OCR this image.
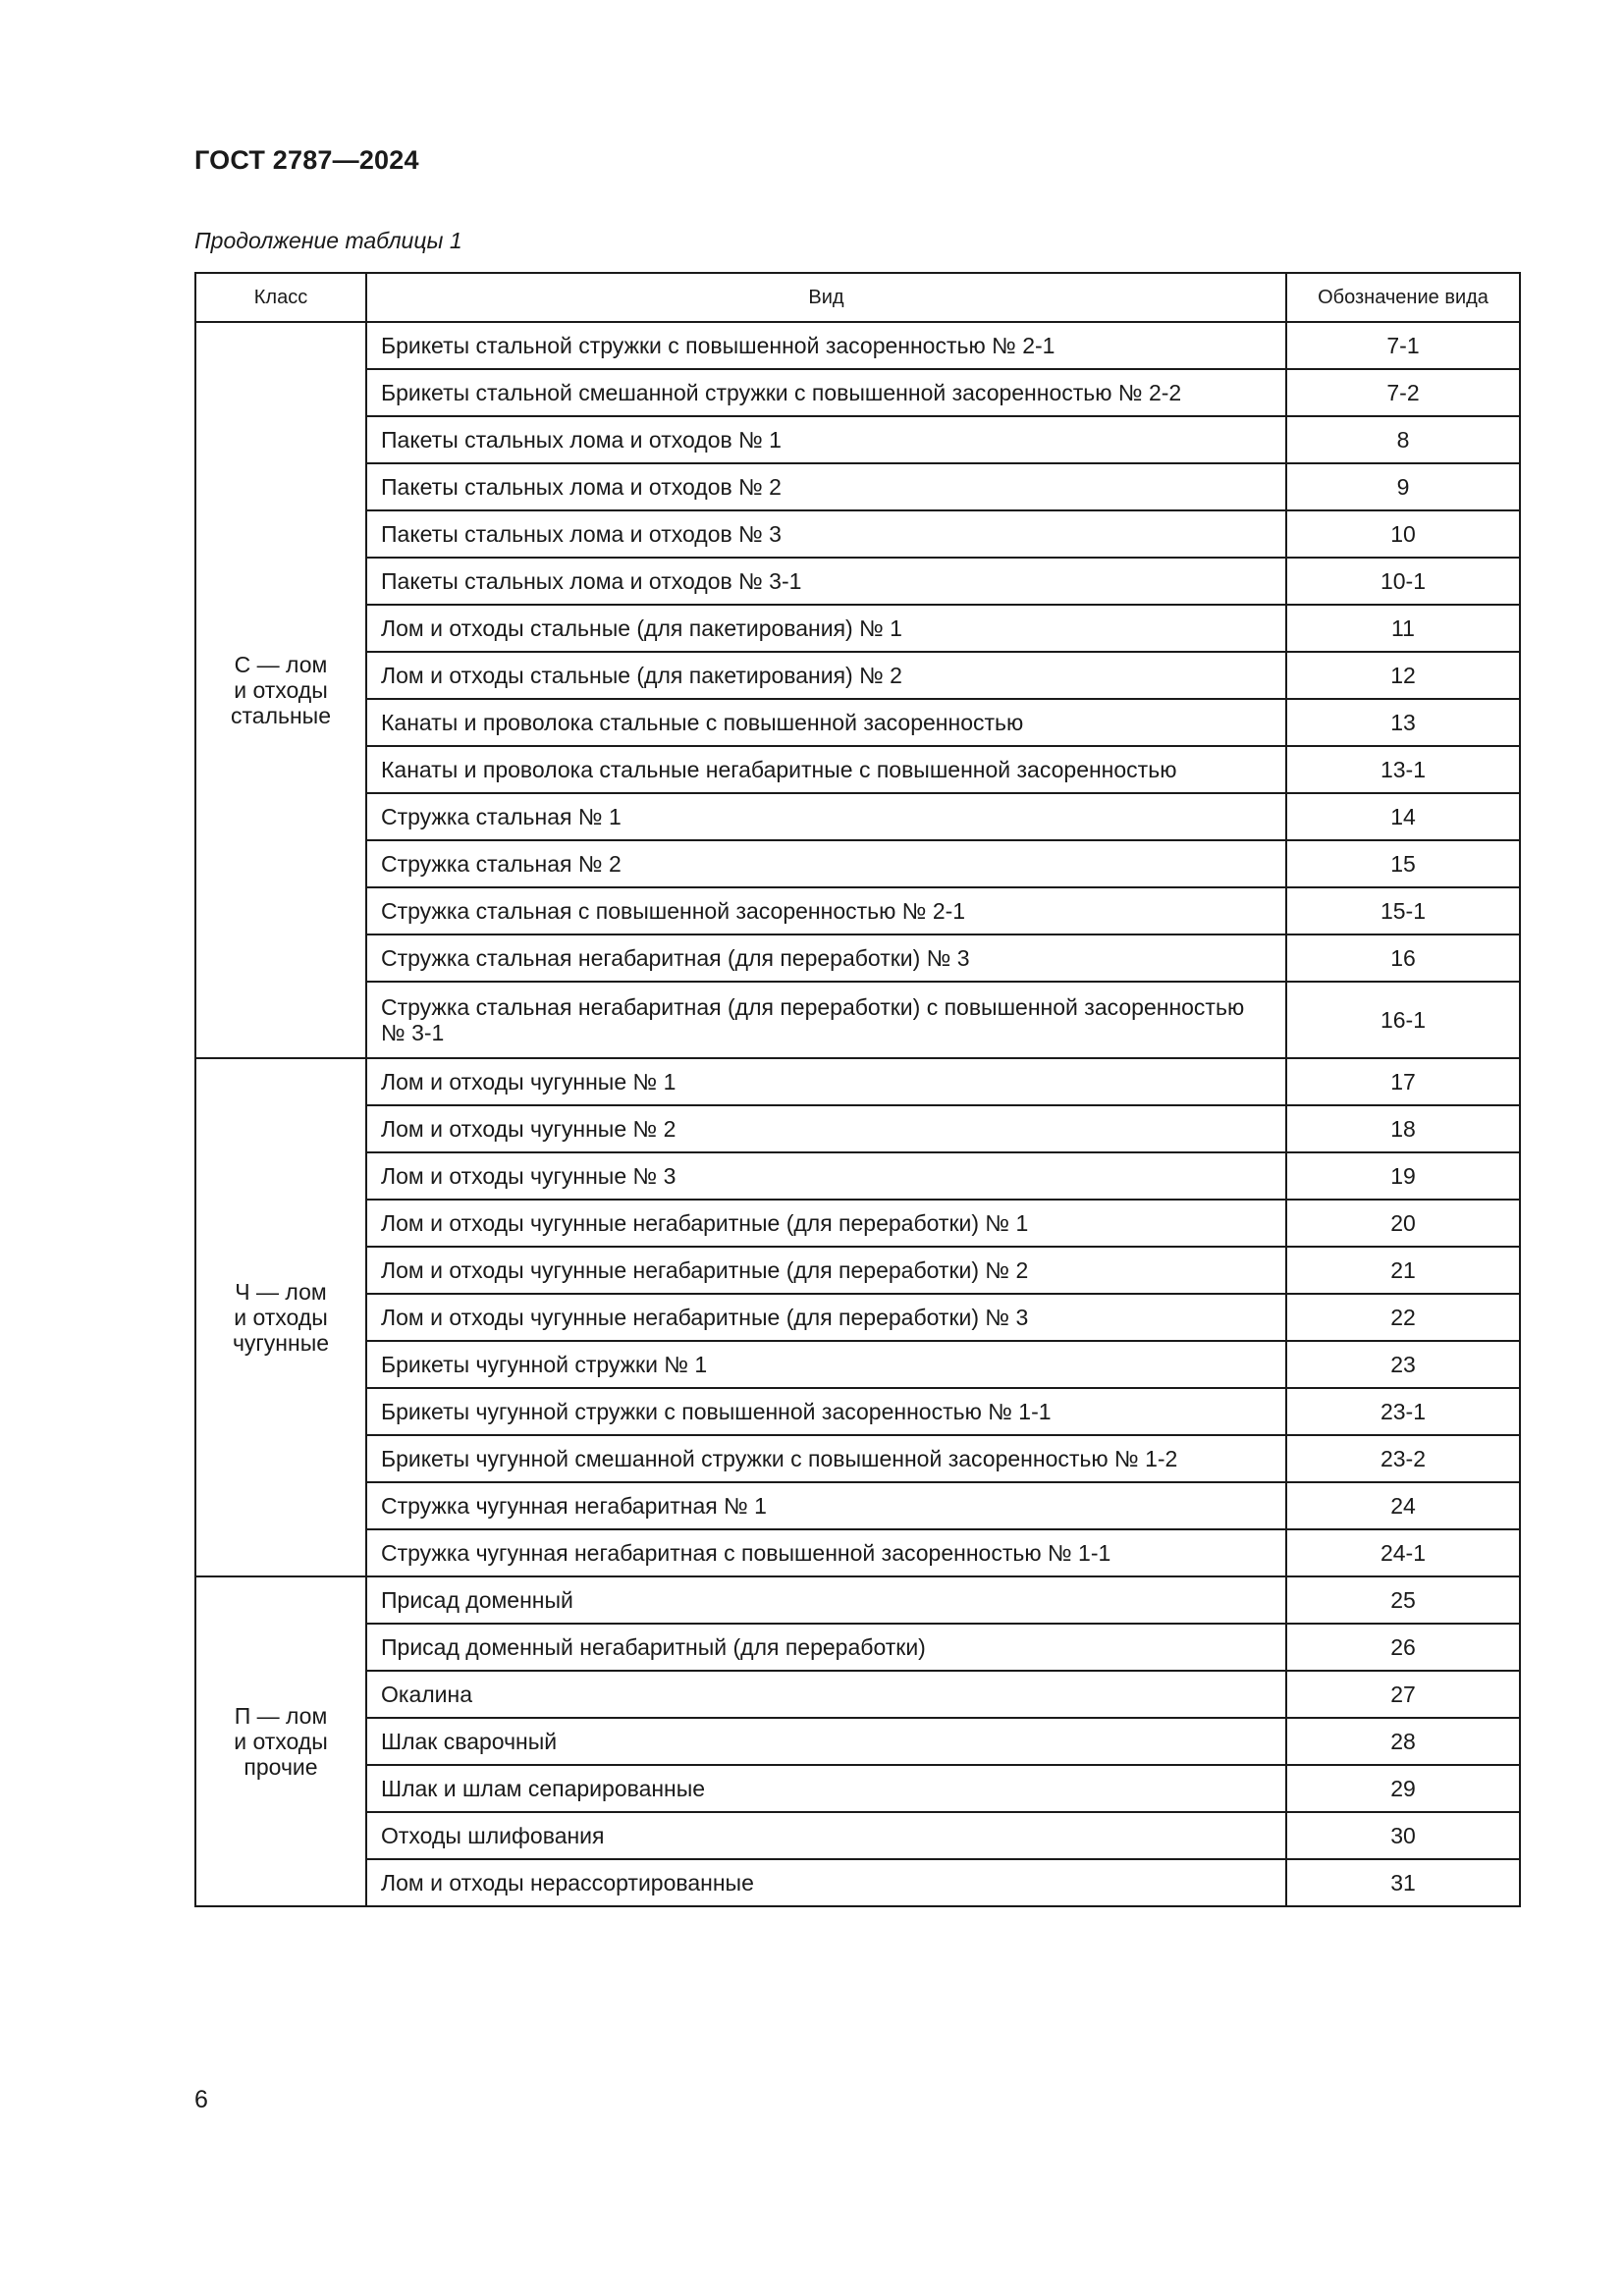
ГОСТ 2787—2024
Продолжение таблицы 1
Класс	Вид	Обозначение вида
С — лом
и отходы
стальные	Брикеты стальной стружки с повышенной засоренностью № 2-1	7-1
	Брикеты стальной смешанной стружки с повышенной засоренностью № 2-2	7-2
	Пакеты стальных лома и отходов № 1	8
	Пакеты стальных лома и отходов № 2	9
	Пакеты стальных лома и отходов № 3	10
	Пакеты стальных лома и отходов № 3-1	10-1
	Лом и отходы стальные (для пакетирования) № 1	11
	Лом и отходы стальные (для пакетирования) № 2	12
	Канаты и проволока стальные с повышенной засоренностью	13
	Канаты и проволока стальные негабаритные с повышенной засоренностью	13-1
	Стружка стальная № 1	14
	Стружка стальная № 2	15
	Стружка стальная с повышенной засоренностью № 2-1	15-1
	Стружка стальная негабаритная (для переработки) № 3	16
	Стружка стальная негабаритная (для переработки) с повышенной засоренностью № 3-1	16-1
Ч — лом
и отходы
чугунные	Лом и отходы чугунные № 1	17
	Лом и отходы чугунные № 2	18
	Лом и отходы чугунные № 3	19
	Лом и отходы чугунные негабаритные (для переработки) № 1	20
	Лом и отходы чугунные негабаритные (для переработки) № 2	21
	Лом и отходы чугунные негабаритные (для переработки) № 3	22
	Брикеты чугунной стружки № 1	23
	Брикеты чугунной стружки с повышенной засоренностью № 1-1	23-1
	Брикеты чугунной смешанной стружки с повышенной засоренностью № 1-2	23-2
	Стружка чугунная негабаритная № 1	24
	Стружка чугунная негабаритная с повышенной засоренностью № 1-1	24-1
П — лом
и отходы
прочие	Присад доменный	25
	Присад доменный негабаритный (для переработки)	26
	Окалина	27
	Шлак сварочный	28
	Шлак и шлам сепарированные	29
	Отходы шлифования	30
	Лом и отходы нерассортированные	31
6
